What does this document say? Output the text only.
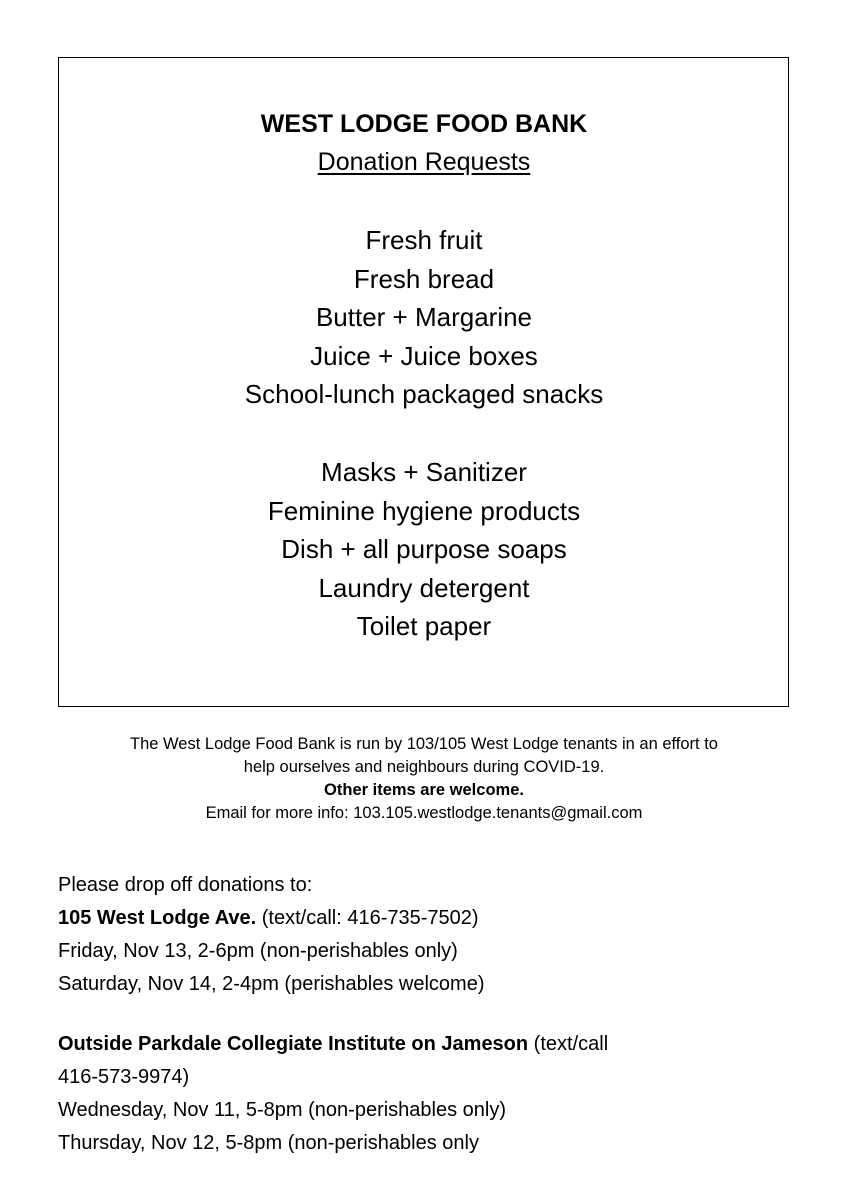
WEST LODGE FOOD BANK
Donation Requests
Fresh fruit
Fresh bread
Butter + Margarine
Juice + Juice boxes
School-lunch packaged snacks
Masks + Sanitizer
Feminine hygiene products
Dish + all purpose soaps
Laundry detergent
Toilet paper
The West Lodge Food Bank is run by 103/105 West Lodge tenants in an effort to
help ourselves and neighbours during COVID-19.
Other items are welcome.
Email for more info: 103.105.westlodge.tenants@gmail.com
Please drop off donations to:
105 West Lodge Ave. (text/call: 416-735-7502)
Friday, Nov 13, 2-6pm (non-perishables only)
Saturday, Nov 14, 2-4pm (perishables welcome)
Outside Parkdale Collegiate Institute on Jameson (text/call
416-573-9974)
Wednesday, Nov 11, 5-8pm (non-perishables only)
Thursday, Nov 12, 5-8pm (non-perishables only
